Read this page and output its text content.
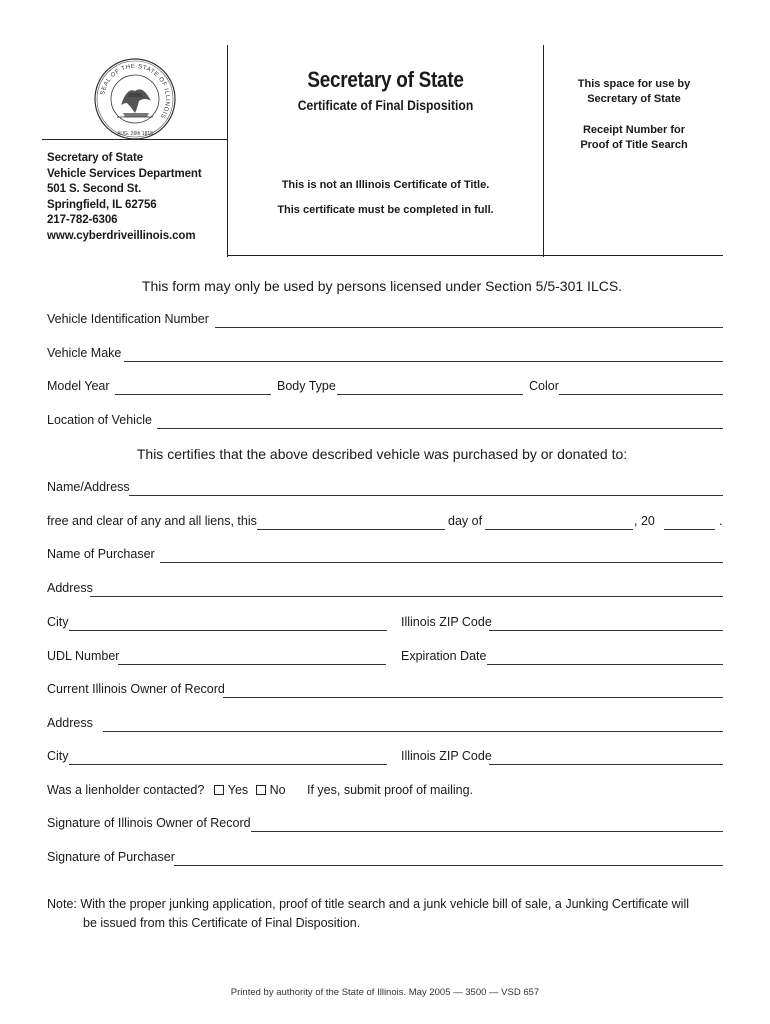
SEAL OF THE STATE OF ILLINOIS
AUG. 26th 1818
Secretary of State
Vehicle Services Department
501 S. Second St.
Springfield, IL 62756
217-782-6306
www.cyberdriveillinois.com
Secretary of State
Certificate of Final Disposition
This is not an Illinois Certificate of Title.
This certificate must be completed in full.
This space for use by
Secretary of State
Receipt Number for
Proof of Title Search
This form may only be used by persons licensed under Section 5/5-301 ILCS.
Vehicle Identification Number
Vehicle Make
Model Year	Body Type	Color
Location of Vehicle
This certifies that the above described vehicle was purchased by or donated to:
Name/Address
free and clear of any and all liens, this	day of	, 20	.
Name of Purchaser
Address
City	Illinois ZIP Code
UDL Number	Expiration Date
Current Illinois Owner of Record
Address
City	Illinois ZIP Code
Was a lienholder contacted? Yes No If yes, submit proof of mailing.
Signature of Illinois Owner of Record
Signature of Purchaser
Note: With the proper junking application, proof of title search and a junk vehicle bill of sale, a Junking Certificate will
be issued from this Certificate of Final Disposition.
Printed by authority of the State of Illinois. May 2005 — 3500 — VSD 657
